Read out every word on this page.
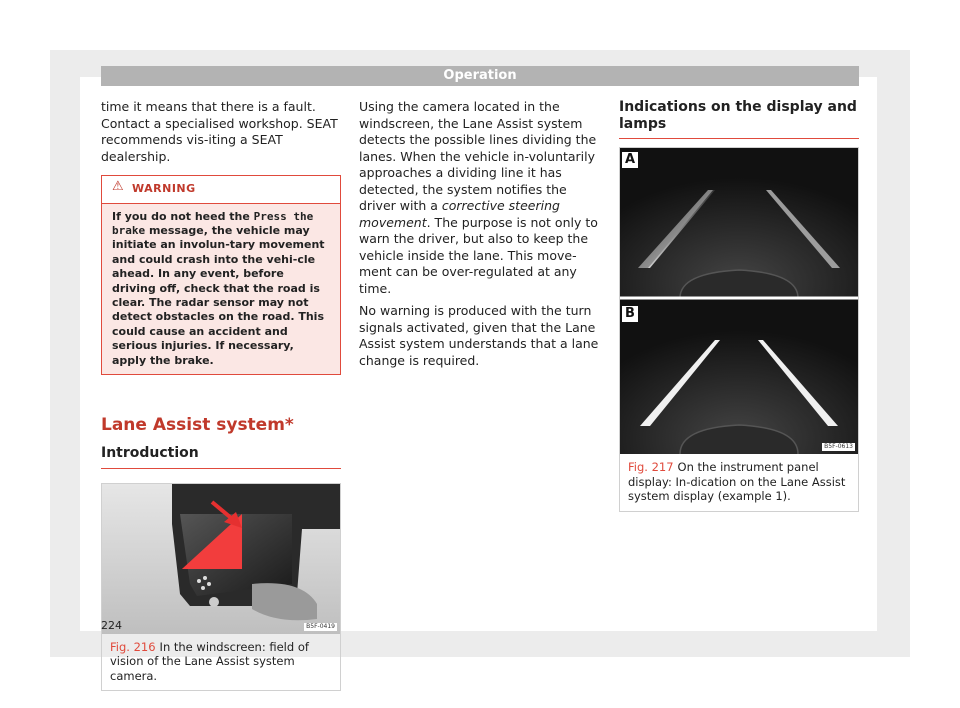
Operation

time it means that there is a fault. Contact a specialised workshop. SEAT recommends vis-iting a SEAT dealership.

⚠ WARNING
If you do not heed the Press the brake message, the vehicle may initiate an involun-tary movement and could crash into the vehi-cle ahead. In any event, before driving off, check that the road is clear. The radar sensor may not detect obstacles on the road. This could cause an accident and serious injuries. If necessary, apply the brake.
Lane Assist system*
Introduction
B5F-0419
Fig. 216 In the windscreen: field of vision of the Lane Assist system camera.

Using the camera located in the windscreen, the Lane Assist system detects the possible lines dividing the lanes. When the vehicle in-voluntarily approaches a dividing line it has detected, the system notifies the driver with a corrective steering movement. The purpose is not only to warn the driver, but also to keep the vehicle inside the lane. This move-ment can be over-regulated at any time.

No warning is produced with the turn signals activated, given that the Lane Assist system understands that a lane change is required.

Indications on the display and lamps
A
B
B5F-0613
Fig. 217 On the instrument panel display: In-dication on the Lane Assist system display (example 1).
224
